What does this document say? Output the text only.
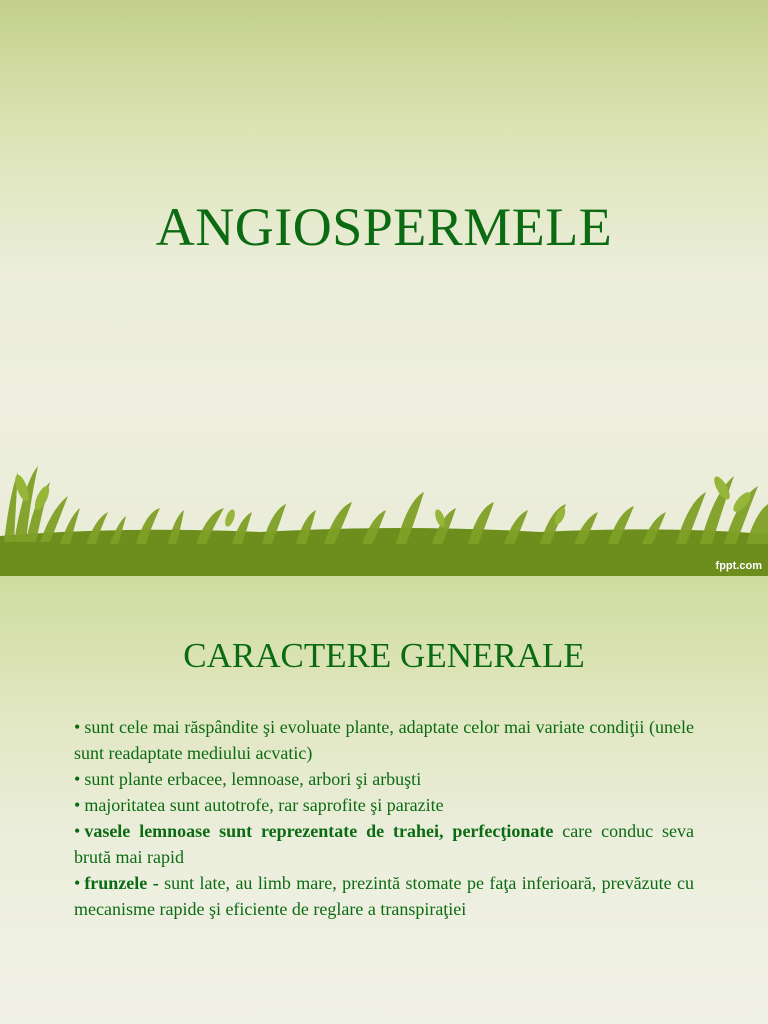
ANGIOSPERMELE
fppt.com
CARACTERE GENERALE

• sunt cele mai răspândite şi evoluate plante, adaptate celor mai variate condiţii (unele sunt readaptate mediului acvatic)

• sunt plante erbacee, lemnoase, arbori şi arbuşti

• majoritatea sunt autotrofe, rar saprofite şi parazite

• vasele lemnoase sunt reprezentate de trahei, perfecţionate care conduc seva brută mai rapid

• frunzele - sunt late, au limb mare, prezintă stomate pe faţa inferioară, prevăzute cu mecanisme rapide şi eficiente de reglare a transpiraţiei
